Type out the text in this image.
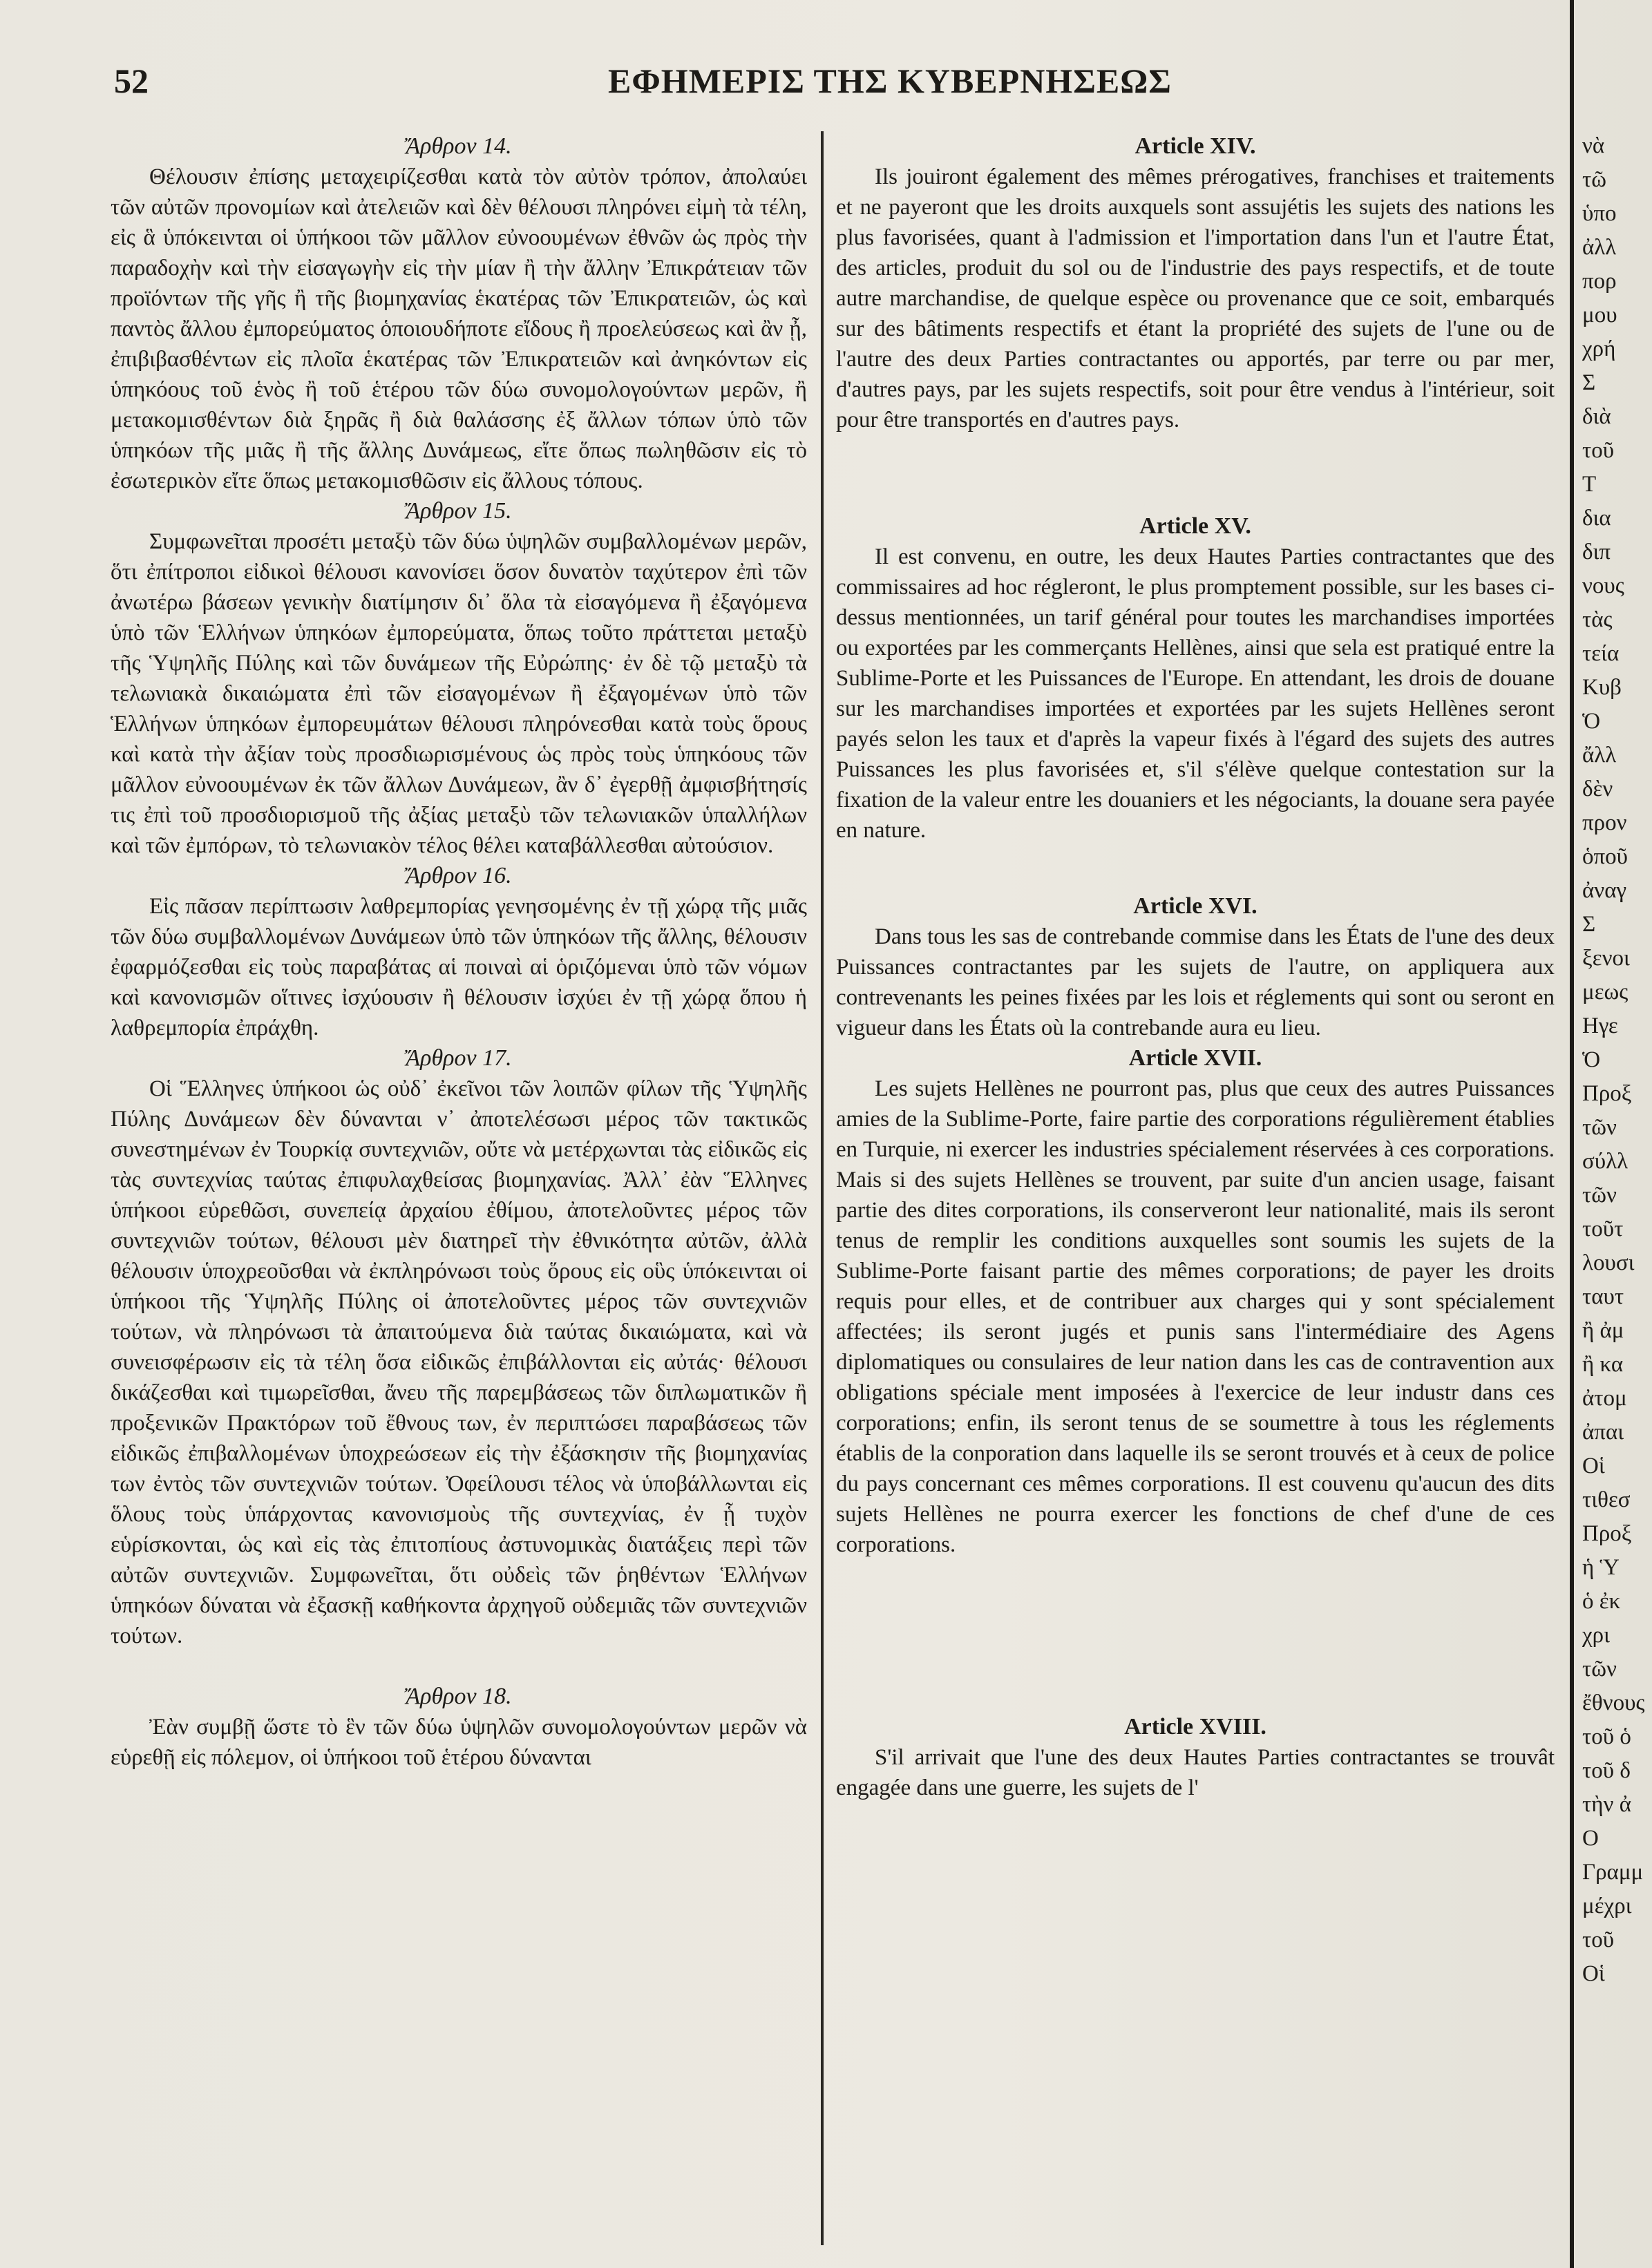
52	ΕΦΗΜΕΡΙΣ ΤΗΣ ΚΥΒΕΡΝΗΣΕΩΣ
Ἄρθρον 14.

Θέλουσιν ἐπίσης μεταχειρίζεσθαι κατὰ τὸν αὐτὸν τρόπον, ἀπολαύει τῶν αὐτῶν προνομίων καὶ ἀτελειῶν καὶ δὲν θέλουσι πληρόνει εἰμὴ τὰ τέλη, εἰς ἃ ὑπόκεινται οἱ ὑπήκοοι τῶν μᾶλλον εὐνοουμένων ἐθνῶν ὡς πρὸς τὴν παραδοχὴν καὶ τὴν εἰσαγωγὴν εἰς τὴν μίαν ἢ τὴν ἄλλην Ἐπικράτειαν τῶν προϊόντων τῆς γῆς ἢ τῆς βιομηχανίας ἑκατέρας τῶν Ἐπικρατειῶν, ὡς καὶ παντὸς ἄλλου ἐμπορεύματος ὁποιουδήποτε εἴδους ἢ προελεύσεως καὶ ἂν ᾖ, ἐπιβιβασθέντων εἰς πλοῖα ἑκατέρας τῶν Ἐπικρατειῶν καὶ ἀνηκόντων εἰς ὑπηκόους τοῦ ἑνὸς ἢ τοῦ ἑτέρου τῶν δύω συνομολογούντων μερῶν, ἢ μετακομισθέντων διὰ ξηρᾶς ἢ διὰ θαλάσσης ἐξ ἄλλων τόπων ὑπὸ τῶν ὑπηκόων τῆς μιᾶς ἢ τῆς ἄλλης Δυνάμεως, εἴτε ὅπως πωληθῶσιν εἰς τὸ ἐσωτερικὸν εἴτε ὅπως μετακομισθῶσιν εἰς ἄλλους τόπους.

Ἄρθρον 15.

Συμφωνεῖται προσέτι μεταξὺ τῶν δύω ὑψηλῶν συμβαλλομένων μερῶν, ὅτι ἐπίτροποι εἰδικοὶ θέλουσι κανονίσει ὅσον δυνατὸν ταχύτερον ἐπὶ τῶν ἀνωτέρω βάσεων γενικὴν διατίμησιν δι᾽ ὅλα τὰ εἰσαγόμενα ἢ ἐξαγόμενα ὑπὸ τῶν Ἑλλήνων ὑπηκόων ἐμπορεύματα, ὅπως τοῦτο πράττεται μεταξὺ τῆς Ὑψηλῆς Πύλης καὶ τῶν δυνάμεων τῆς Εὐρώπης· ἐν δὲ τῷ μεταξὺ τὰ τελωνιακὰ δικαιώματα ἐπὶ τῶν εἰσαγομένων ἢ ἐξαγομένων ὑπὸ τῶν Ἑλλήνων ὑπηκόων ἐμπορευμάτων θέλουσι πληρόνεσθαι κατὰ τοὺς ὅρους καὶ κατὰ τὴν ἀξίαν τοὺς προσδιωρισμένους ὡς πρὸς τοὺς ὑπηκόους τῶν μᾶλλον εὐνοουμένων ἐκ τῶν ἄλλων Δυνάμεων, ἂν δ᾽ ἐγερθῇ ἀμφισβήτησίς τις ἐπὶ τοῦ προσδιορισμοῦ τῆς ἀξίας μεταξὺ τῶν τελωνιακῶν ὑπαλλήλων καὶ τῶν ἐμπόρων, τὸ τελωνιακὸν τέλος θέλει καταβάλλεσθαι αὐτούσιον.

Ἄρθρον 16.

Εἰς πᾶσαν περίπτωσιν λαθρεμπορίας γενησομένης ἐν τῇ χώρᾳ τῆς μιᾶς τῶν δύω συμβαλλομένων Δυνάμεων ὑπὸ τῶν ὑπηκόων τῆς ἄλλης, θέλουσιν ἐφαρμόζεσθαι εἰς τοὺς παραβάτας αἱ ποιναὶ αἱ ὁριζόμεναι ὑπὸ τῶν νόμων καὶ κανονισμῶν οἵτινες ἰσχύουσιν ἢ θέλουσιν ἰσχύει ἐν τῇ χώρᾳ ὅπου ἡ λαθρεμπορία ἐπράχθη.

Ἄρθρον 17.

Οἱ Ἕλληνες ὑπήκοοι ὡς οὐδ᾽ ἐκεῖνοι τῶν λοιπῶν φίλων τῆς Ὑψηλῆς Πύλης Δυνάμεων δὲν δύνανται ν᾽ ἀποτελέσωσι μέρος τῶν τακτικῶς συνεστημένων ἐν Τουρκίᾳ συντεχνιῶν, οὔτε νὰ μετέρχωνται τὰς εἰδικῶς εἰς τὰς συντεχνίας ταύτας ἐπιφυλαχθείσας βιομηχανίας. Ἀλλ᾽ ἐὰν Ἕλληνες ὑπήκοοι εὑρεθῶσι, συνεπείᾳ ἀρχαίου ἐθίμου, ἀποτελοῦντες μέρος τῶν συντεχνιῶν τούτων, θέλουσι μὲν διατηρεῖ τὴν ἐθνικότητα αὐτῶν, ἀλλὰ θέλουσιν ὑποχρεοῦσθαι νὰ ἐκπληρόνωσι τοὺς ὅρους εἰς οὓς ὑπόκεινται οἱ ὑπήκοοι τῆς Ὑψηλῆς Πύλης οἱ ἀποτελοῦντες μέρος τῶν συντεχνιῶν τούτων, νὰ πληρόνωσι τὰ ἀπαιτούμενα διὰ ταύτας δικαιώματα, καὶ νὰ συνεισφέρωσιν εἰς τὰ τέλη ὅσα εἰδικῶς ἐπιβάλλονται εἰς αὐτάς· θέλουσι δικάζεσθαι καὶ τιμωρεῖσθαι, ἄνευ τῆς παρεμβάσεως τῶν διπλωματικῶν ἢ προξενικῶν Πρακτόρων τοῦ ἔθνους των, ἐν περιπτώσει παραβάσεως τῶν εἰδικῶς ἐπιβαλλομένων ὑποχρεώσεων εἰς τὴν ἐξάσκησιν τῆς βιομηχανίας των ἐντὸς τῶν συντεχνιῶν τούτων. Ὀφείλουσι τέλος νὰ ὑποβάλλωνται εἰς ὅλους τοὺς ὑπάρχοντας κανονισμοὺς τῆς συντεχνίας, ἐν ᾗ τυχὸν εὑρίσκονται, ὡς καὶ εἰς τὰς ἐπιτοπίους ἀστυνομικὰς διατάξεις περὶ τῶν αὐτῶν συντεχνιῶν. Συμφωνεῖται, ὅτι οὐδεὶς τῶν ῥηθέντων Ἑλλήνων ὑπηκόων δύναται νὰ ἐξασκῇ καθήκοντα ἀρχηγοῦ οὐδεμιᾶς τῶν συντεχνιῶν τούτων.

Ἄρθρον 18.

Ἐὰν συμβῇ ὥστε τὸ ἓν τῶν δύω ὑψηλῶν συνομολογούντων μερῶν νὰ εὑρεθῇ εἰς πόλεμον, οἱ ὑπήκοοι τοῦ ἑτέρου δύνανται

Article XIV.

Ils jouiront également des mêmes prérogatives, franchises et traitements et ne payeront que les droits auxquels sont assujétis les sujets des nations les plus favorisées, quant à l'admission et l'importation dans l'un et l'autre État, des articles, produit du sol ou de l'industrie des pays respectifs, et de toute autre marchandise, de quelque espèce ou provenance que ce soit, embarqués sur des bâtiments respectifs et étant la propriété des sujets de l'une ou de l'autre des deux Parties contractantes ou apportés, par terre ou par mer, d'autres pays, par les sujets respectifs, soit pour être vendus à l'intérieur, soit pour être transportés en d'autres pays.

Article XV.

Il est convenu, en outre, les deux Hautes Parties contractantes que des commissaires ad hoc régleront, le plus promptement possible, sur les bases ci-dessus mentionnées, un tarif général pour toutes les marchandises importées ou exportées par les commerçants Hellènes, ainsi que sela est pratiqué entre la Sublime-Porte et les Puissances de l'Europe. En attendant, les drois de douane sur les marchandises importées et exportées par les sujets Hellènes seront payés selon les taux et d'après la vapeur fixés à l'égard des sujets des autres Puissances les plus favorisées et, s'il s'élève quelque contestation sur la fixation de la valeur entre les douaniers et les négociants, la douane sera payée en nature.

Article XVI.

Dans tous les sas de contrebande commise dans les États de l'une des deux Puissances contractantes par les sujets de l'autre, on appliquera aux contrevenants les peines fixées par les lois et réglements qui sont ou seront en vigueur dans les États où la contrebande aura eu lieu.

Article XVII.

Les sujets Hellènes ne pourront pas, plus que ceux des autres Puissances amies de la Sublime-Porte, faire partie des corporations régulièrement établies en Turquie, ni exercer les industries spécialement réservées à ces corporations. Mais si des sujets Hellènes se trouvent, par suite d'un ancien usage, faisant partie des dites corporations, ils conserveront leur nationalité, mais ils seront tenus de remplir les conditions auxquelles sont soumis les sujets de la Sublime-Porte faisant partie des mêmes corporations; de payer les droits requis pour elles, et de contribuer aux charges qui y sont spécialement affectées; ils seront jugés et punis sans l'intermédiaire des Agens diplomatiques ou consulaires de leur nation dans les cas de contravention aux obligations spéciale ment imposées à l'exercice de leur industr dans ces corporations; enfin, ils seront tenus de se soumettre à tous les réglements établis de la conporation dans laquelle ils se seront trouvés et à ceux de police du pays concernant ces mêmes corporations. Il est couvenu qu'aucun des dits sujets Hellènes ne pourra exercer les fonctions de chef d'une de ces corporations.

Article XVIII.

S'il arrivait que l'une des deux Hautes Parties contractantes se trouvât engagée dans une guerre, les sujets de l'

νὰ
τῶ
ὑπο
ἀλλ
πορ
μου
χρή
Σ
διὰ
τοῦ
Τ
δια
διπ
νους
τὰς
τεία
Κυβ
Ὁ
ἄλλ
δὲν
προν
ὁποῦ
ἀναγ
Σ
ξενοι
μεως
Ηγε
Ὁ
Προξ
τῶν
σύλλ
τῶν
τοῦτ
λουσι
ταυτ
ἢ ἀμ
ἢ κα
ἀτομ
ἀπαι
Οἱ
τιθεσ
Προξ
ἡ Ὑ
ὁ ἐκ
χρι
τῶν
ἔθνους
τοῦ ὁ
τοῦ δ
τὴν ἀ
Ο
Γραμμ
μέχρι
τοῦ
Οἱ
